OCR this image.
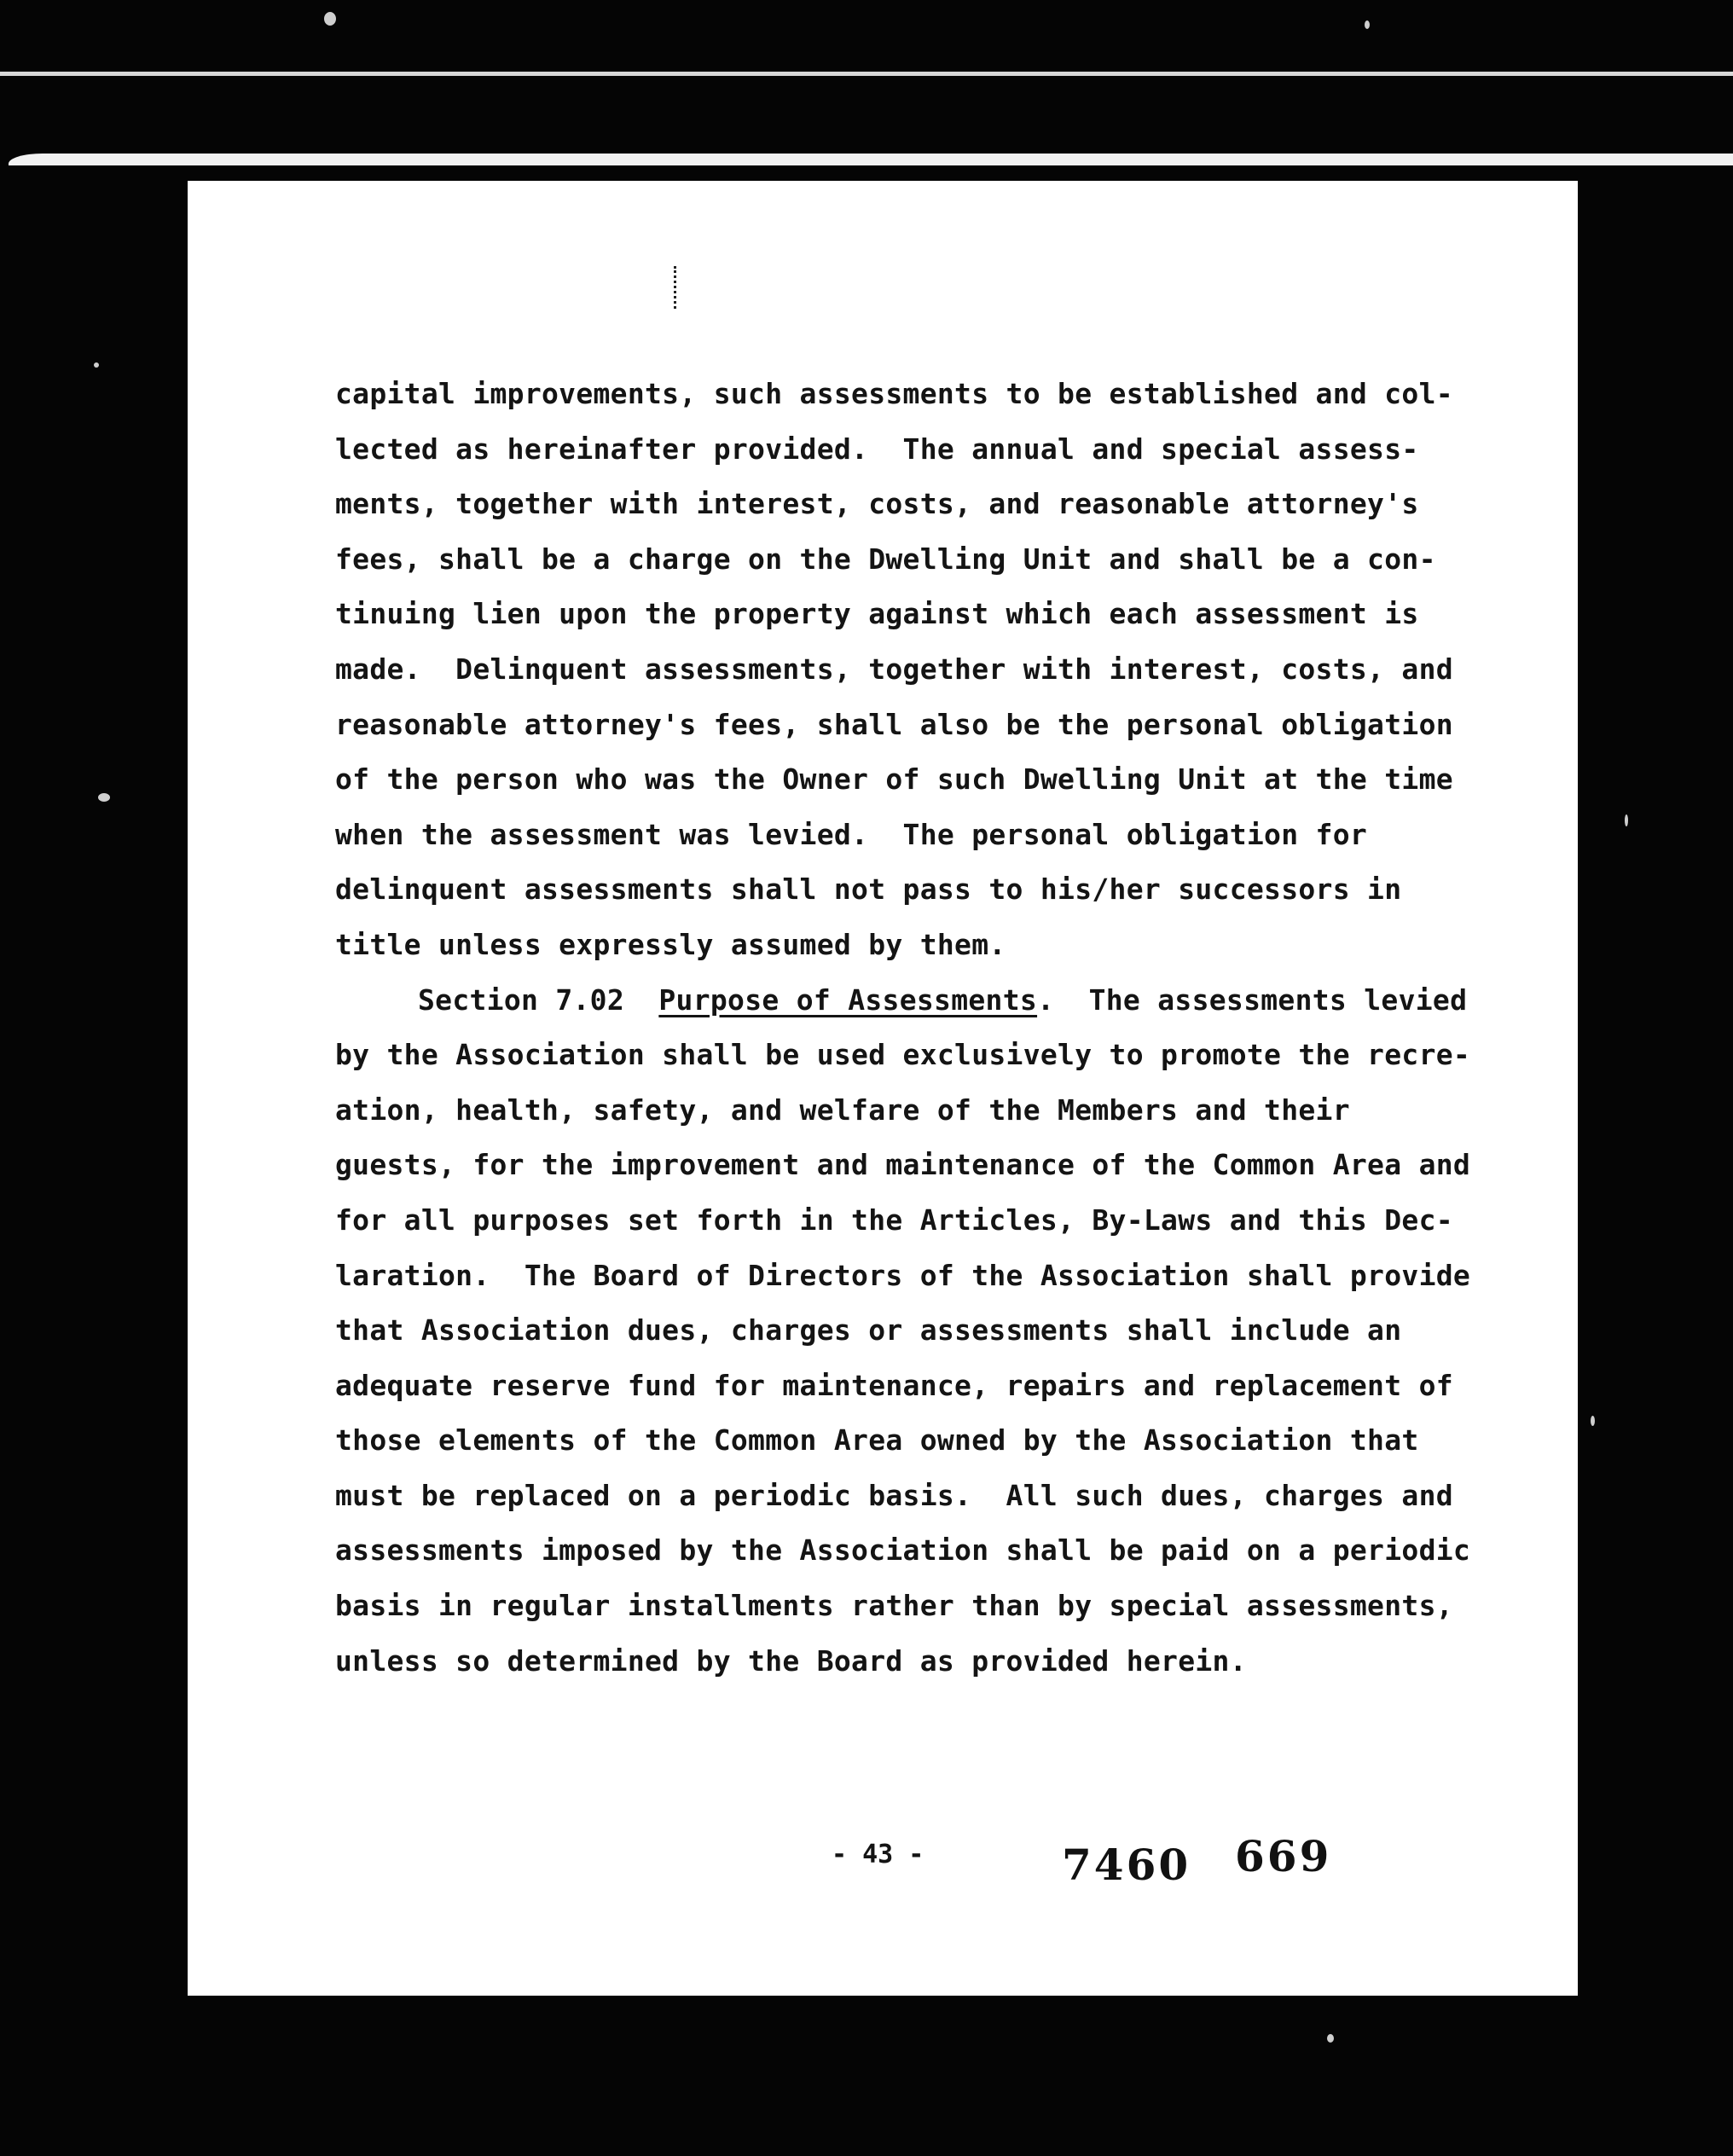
capital improvements, such assessments to be established and col-
lected as hereinafter provided.  The annual and special assess-
ments, together with interest, costs, and reasonable attorney's
fees, shall be a charge on the Dwelling Unit and shall be a con-
tinuing lien upon the property against which each assessment is
made.  Delinquent assessments, together with interest, costs, and
reasonable attorney's fees, shall also be the personal obligation
of the person who was the Owner of such Dwelling Unit at the time
when the assessment was levied.  The personal obligation for
delinquent assessments shall not pass to his/her successors in
title unless expressly assumed by them.
Section 7.02 Purpose of Assessments.  The assessments levied
by the Association shall be used exclusively to promote the recre-
ation, health, safety, and welfare of the Members and their
guests, for the improvement and maintenance of the Common Area and
for all purposes set forth in the Articles, By-Laws and this Dec-
laration.  The Board of Directors of the Association shall provide
that Association dues, charges or assessments shall include an
adequate reserve fund for maintenance, repairs and replacement of
those elements of the Common Area owned by the Association that
must be replaced on a periodic basis.  All such dues, charges and
assessments imposed by the Association shall be paid on a periodic
basis in regular installments rather than by special assessments,
unless so determined by the Board as provided herein.
- 43 -	7460 669
